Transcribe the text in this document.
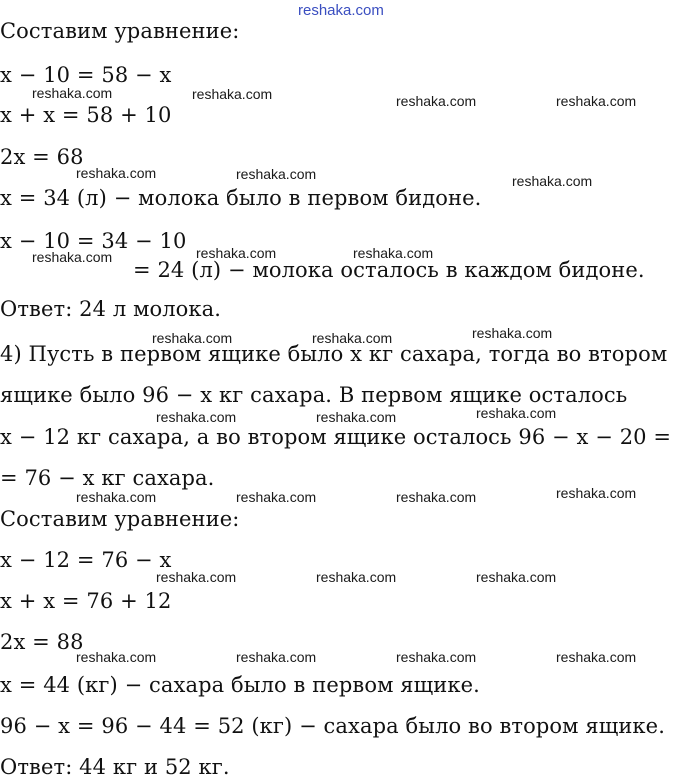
reshaka.com
Составим уравнение:
x − 10 = 58 − x
x + x = 58 + 10
2x = 68
x = 34 (л) − молока было в первом бидоне.
x − 10 = 34 − 10
= 24 (л) − молока осталось в каждом бидоне.
Ответ: 24 л молока.
4) Пусть в первом ящике было x кг сахара, тогда во втором
ящике было 96 − x кг сахара. В первом ящике осталось
x − 12 кг сахара, а во втором ящике осталось 96 − x − 20 =
= 76 − x кг сахара.
Составим уравнение:
x − 12 = 76 − x
x + x = 76 + 12
2x = 88
x = 44 (кг) − сахара было в первом ящике.
96 − x = 96 − 44 = 52 (кг) − сахара было во втором ящике.
Ответ: 44 кг и 52 кг.
reshaka.com	reshaka.com	reshaka.com	reshaka.com
reshaka.com	reshaka.com	reshaka.com
reshaka.com	reshaka.com	reshaka.com
reshaka.com	reshaka.com	reshaka.com
reshaka.com	reshaka.com	reshaka.com
reshaka.com	reshaka.com	reshaka.com	reshaka.com
reshaka.com	reshaka.com	reshaka.com
reshaka.com	reshaka.com	reshaka.com	reshaka.com
